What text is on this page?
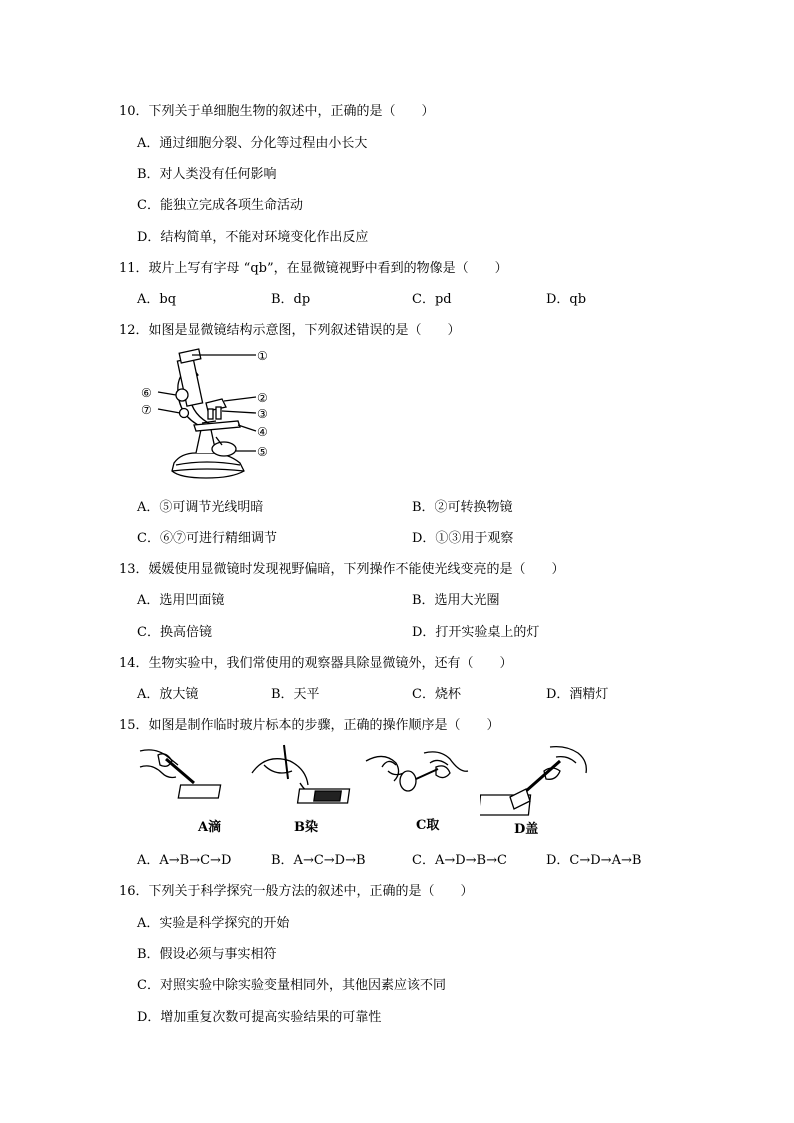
10．下列关于单细胞生物的叙述中，正确的是（　　）
A．通过细胞分裂、分化等过程由小长大
B．对人类没有任何影响
C．能独立完成各项生命活动
D．结构简单，不能对环境变化作出反应
11．玻片上写有字母 “qb”，在显微镜视野中看到的物像是（　　）
A．bq	B．dp	C．pd	D．qb
12．如图是显微镜结构示意图，下列叙述错误的是（　　）
①
②
③
④
⑤
⑥
⑦
A．⑤可调节光线明暗	B．②可转换物镜
C．⑥⑦可进行精细调节	D．①③用于观察
13．媛媛使用显微镜时发现视野偏暗，下列操作不能使光线变亮的是（　　）
A．选用凹面镜	B．选用大光圈
C．换高倍镜	D．打开实验桌上的灯
14．生物实验中，我们常使用的观察器具除显微镜外，还有（　　）
A．放大镜	B．天平	C．烧杯	D．酒精灯
15．如图是制作临时玻片标本的步骤，正确的操作顺序是（　　）
A滴	B染	C取	D盖
A．A→B→C→D	B．A→C→D→B	C．A→D→B→C	D．C→D→A→B
16．下列关于科学探究一般方法的叙述中，正确的是（　　）
A．实验是科学探究的开始
B．假设必须与事实相符
C．对照实验中除实验变量相同外，其他因素应该不同
D．增加重复次数可提高实验结果的可靠性
